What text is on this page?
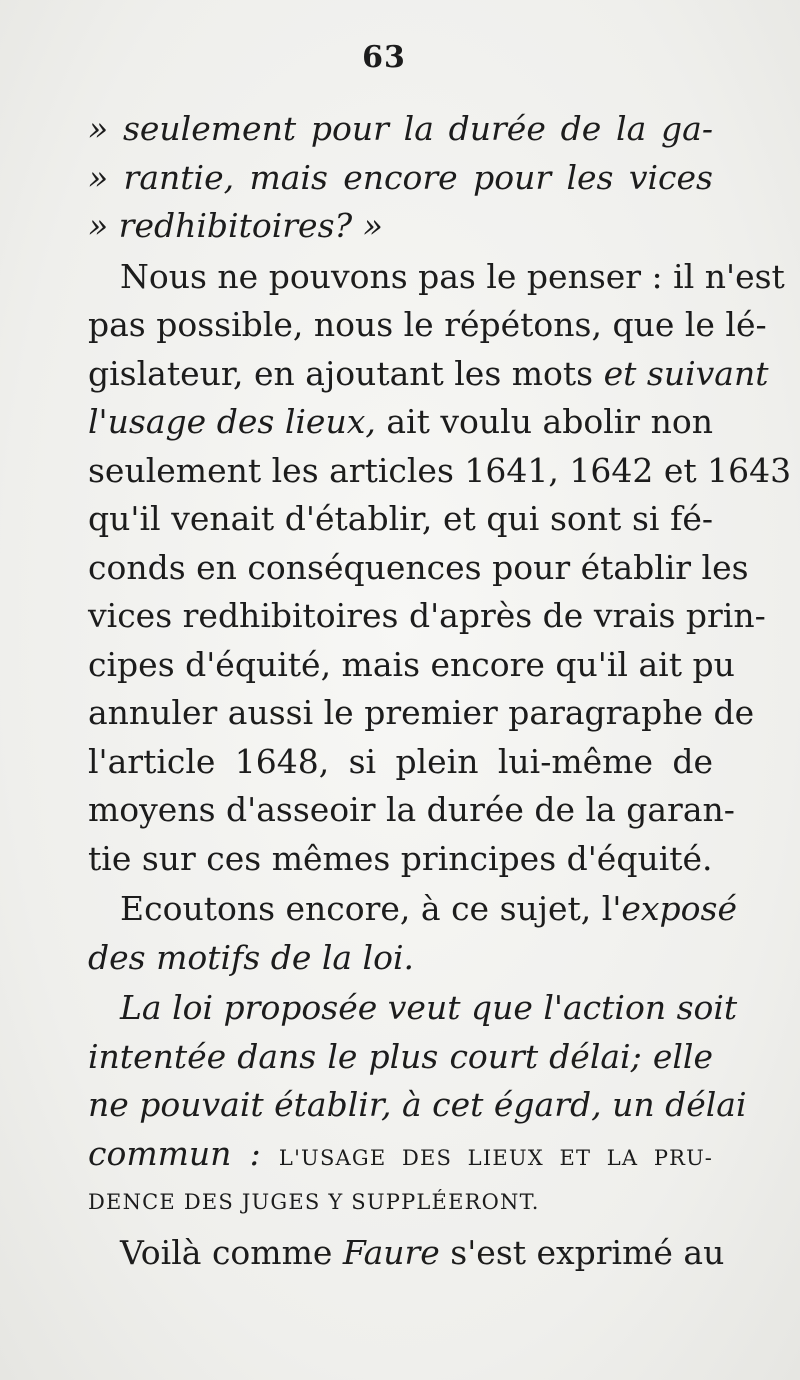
63
» seulement pour la durée de la ga-
» rantie, mais encore pour les vices
» redhibitoires? »
Nous ne pouvons pas le penser : il n'est
pas possible, nous le répétons, que le lé-
gislateur, en ajoutant les mots et suivant
l'usage des lieux, ait voulu abolir non
seulement les articles 1641, 1642 et 1643
qu'il venait d'établir, et qui sont si fé-
conds en conséquences pour établir les
vices redhibitoires d'après de vrais prin-
cipes d'équité, mais encore qu'il ait pu
annuler aussi le premier paragraphe de
l'article 1648, si plein lui-même de
moyens d'asseoir la durée de la garan-
tie sur ces mêmes principes d'équité.
Ecoutons encore, à ce sujet, l'exposé
des motifs de la loi.
La loi proposée veut que l'action soit
intentée dans le plus court délai; elle
ne pouvait établir, à cet égard, un délai
commun : L'USAGE DES LIEUX ET LA PRU-
DENCE DES JUGES Y SUPPLÉERONT.
Voilà comme Faure s'est exprimé au
